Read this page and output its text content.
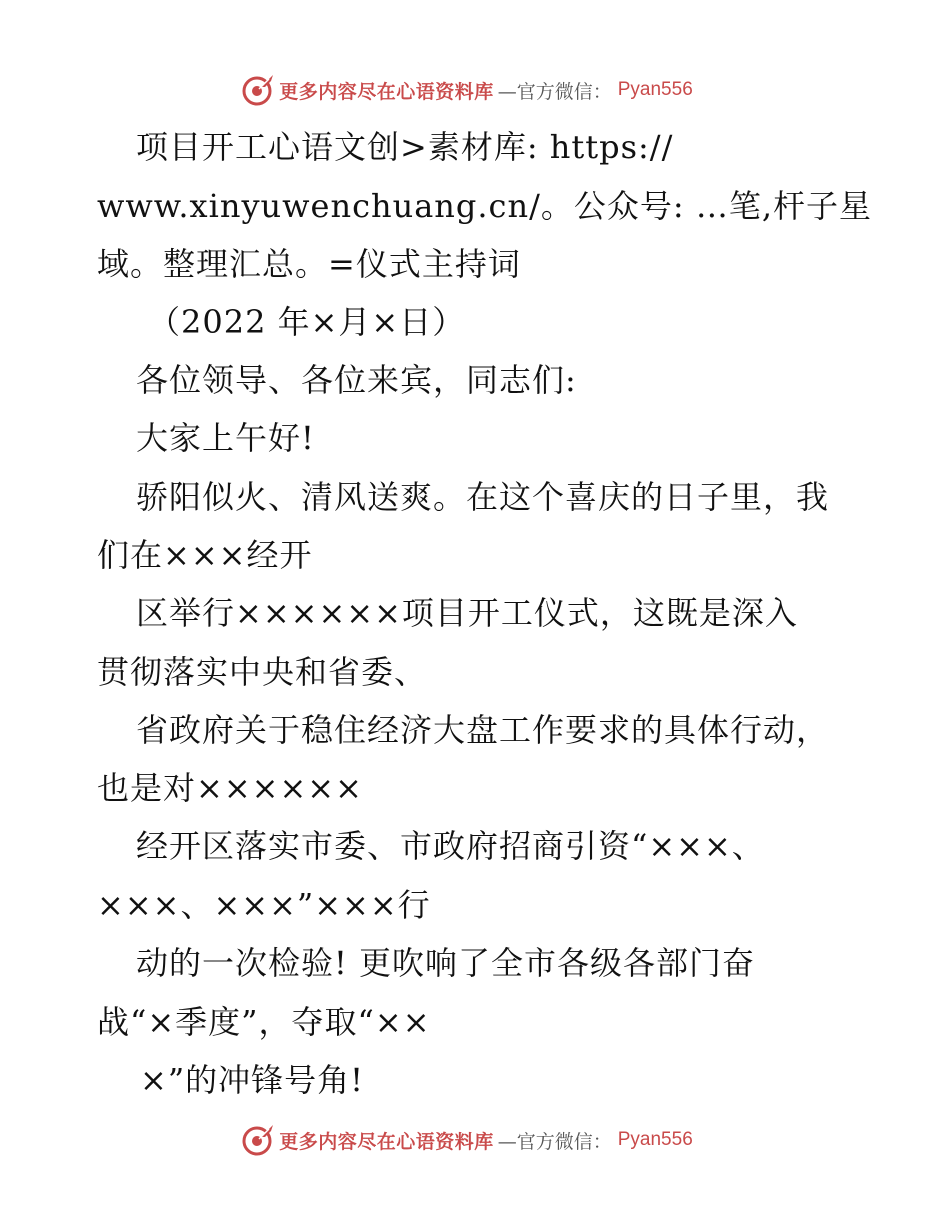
更多内容尽在心语资料库 —官方微信： Pyan556
项目开工心语文创>素材库: https://
www.xinyuwenchuang.cn/。公众号: …笔,杆子星
域。整理汇总。=仪式主持词
（2022 年×月×日）
各位领导、各位来宾，同志们:
大家上午好!
骄阳似火、清风送爽。在这个喜庆的日子里，我
们在×××经开
区举行××××××项目开工仪式，这既是深入
贯彻落实中央和省委、
省政府关于稳住经济大盘工作要求的具体行动，
也是对××××××
经开区落实市委、市政府招商引资“×××、
×××、×××”×××行
动的一次检验! 更吹响了全市各级各部门奋
战“×季度”，夺取“××
×”的冲锋号角!
更多内容尽在心语资料库 —官方微信： Pyan556
